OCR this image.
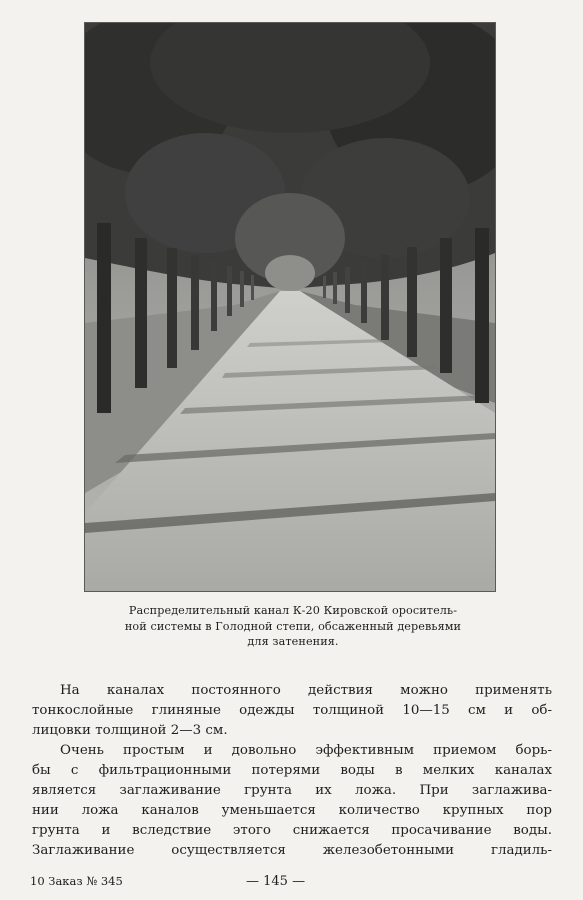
Распределительный канал К-20 Кировской ороситель-
ной системы в Голодной степи, обсаженный деревьями
для затенения.
На каналах постоянного действия можно применять
тонкослойные глиняные одежды толщиной 10—15 см и об-
лицовки толщиной 2—3 см.
Очень простым и довольно эффективным приемом борь-
бы с фильтрационными потерями воды в мелких каналах
является заглаживание грунта их ложа. При заглаживa-
нии ложа каналов уменьшается количество крупных пор
грунта и вследствие этого снижается просачивание воды.
Заглаживание осуществляется железобетонными гладиль-
10 Заказ № 345	— 145 —
